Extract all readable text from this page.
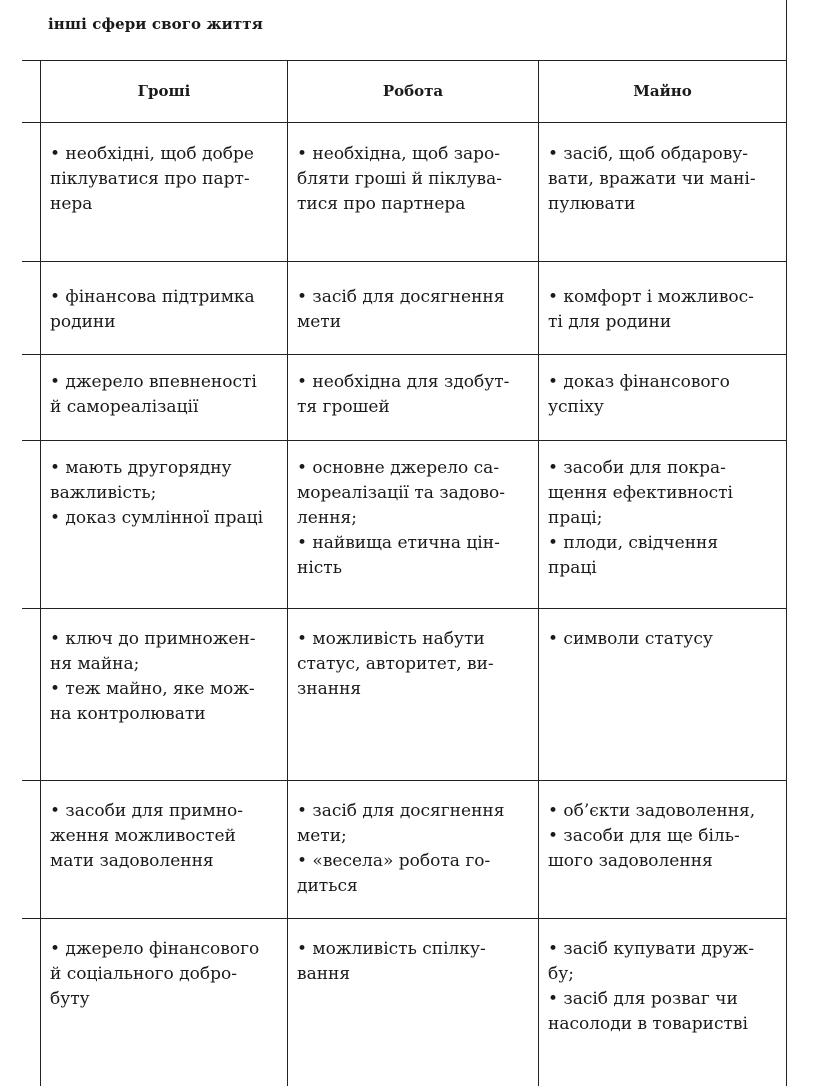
інші сфери свого життя
Гроші	Робота	Майно
• необхідні, щоб добре
піклуватися про парт-
нера
• необхідна, щоб зaро-
бляти гроші й піклува-
тися про партнера
• засіб, щоб обдарову-
вати, вражати чи мані-
пулювати
• фінансова підтримка
родини
• засіб для досягнення
мети
• комфорт і можливос-
ті для родини
• джерело впевненості
й самореалізації
• необхідна для здобут-
тя грошей
• доказ фінансового
успіху
• мають другорядну
важливість;
• доказ сумлінної праці
• основне джерело са-
мореалізації та задово-
лення;
• найвища етична цін-
ність
• засоби для покра-
щення ефективності
праці;
• плоди, свідчення
праці
• ключ до примножен-
ня майна;
• теж майно, яке мож-
на контролювати
• можливість набути
статус, авторитет, ви-
знання
• символи статусу
• засоби для примно-
ження можливостей
мати задоволення
• засіб для досягнення
мети;
• «весела» робота го-
диться
• об’єкти задоволення,
• засоби для ще біль-
шого задоволення
• джерело фінансового
й соціального добро-
буту
• можливість спілку-
вання
• засіб купувати друж-
бу;
• засіб для розваг чи
насолоди в товаристві
